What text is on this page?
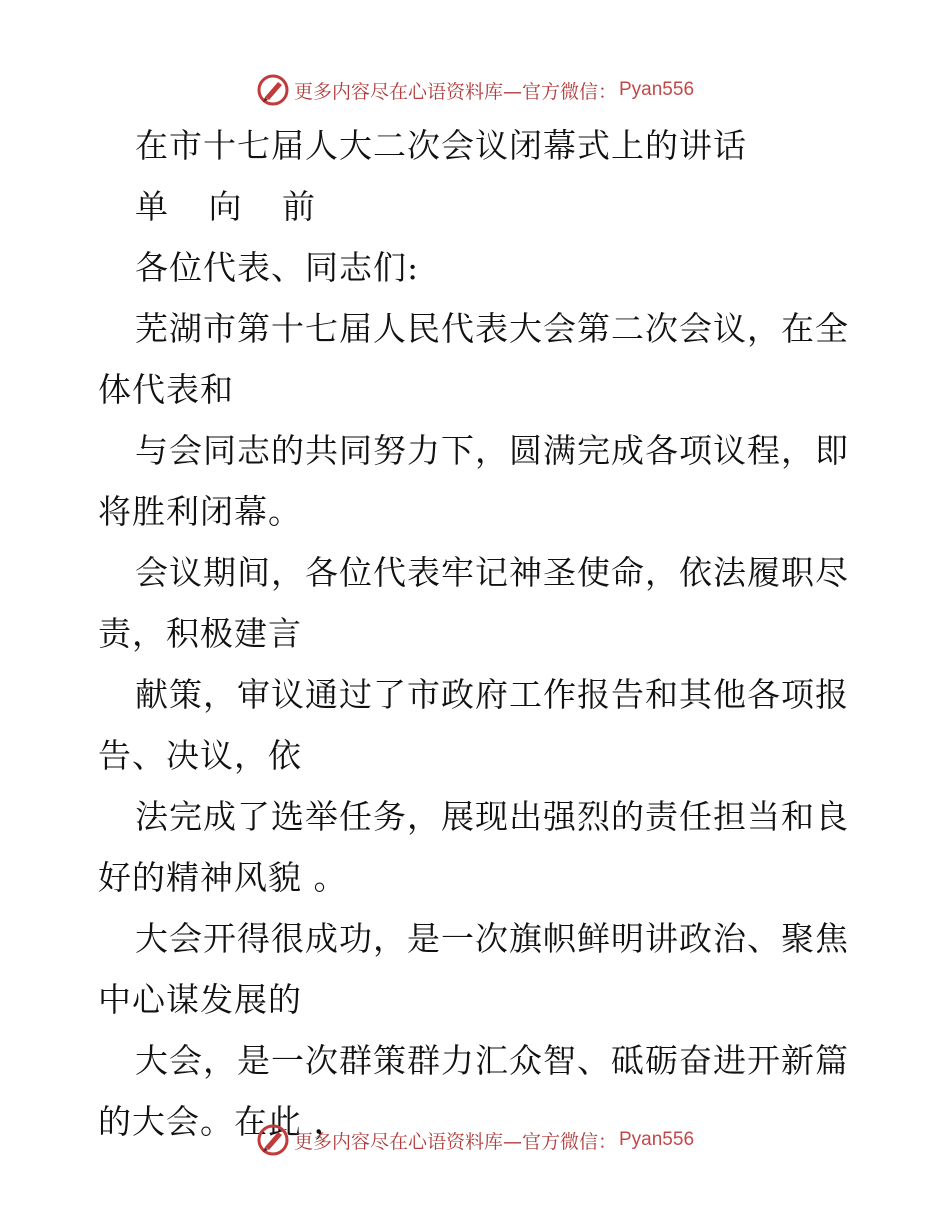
更多内容尽在心语资料库—官方微信： Pyan556
在市十七届人大二次会议闭幕式上的讲话
单 向 前
各位代表、同志们:
芜湖市第十七届人民代表大会第二次会议，在全
体代表和
与会同志的共同努力下，圆满完成各项议程，即
将胜利闭幕。
会议期间，各位代表牢记神圣使命，依法履职尽
责，积极建言
献策，审议通过了市政府工作报告和其他各项报
告、决议，依
法完成了选举任务，展现出强烈的责任担当和良
好的精神风貌 。
大会开得很成功，是一次旗帜鲜明讲政治、聚焦
中心谋发展的
大会，是一次群策群力汇众智、砥砺奋进开新篇
的大会。在此 ，
更多内容尽在心语资料库—官方微信： Pyan556
